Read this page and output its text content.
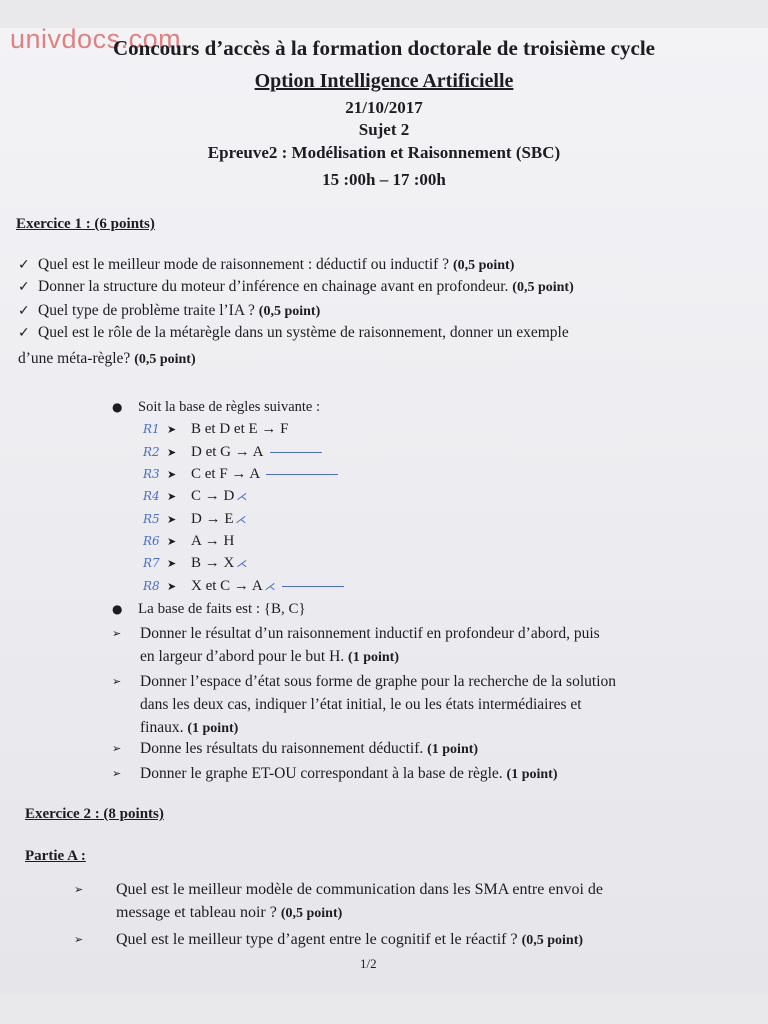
univdocs.com
Concours d’accès à la formation doctorale de troisième cycle
Option Intelligence Artificielle
21/10/2017
Sujet 2
Epreuve2 : Modélisation et Raisonnement (SBC)
15 :00h – 17 :00h
Exercice 1 : (6 points)
✓ Quel est le meilleur mode de raisonnement : déductif ou inductif ? (0,5 point)
✓ Donner la structure du moteur d’inférence en chainage avant en profondeur. (0,5 point)
✓ Quel type de problème traite l’IA ? (0,5 point)
✓ Quel est le rôle de la métarègle dans un système de raisonnement, donner un exemple
d’une méta-règle? (0,5 point)
● Soit la base de règles suivante :
R1 ➤ B et D et E → F
R2 ➤ D et G → A
R3 ➤ C et F → A
R4 ➤ C → D ⋌
R5 ➤ D → E ⋌
R6 ➤ A → H
R7 ➤ B → X ⋌
R8 ➤ X et C → A ⋌
● La base de faits est : {B, C}
➢	Donner le résultat d’un raisonnement inductif en profondeur d’abord, puis
en largeur d’abord pour le but H. (1 point)
➢	Donner l’espace d’état sous forme de graphe pour la recherche de la solution
dans les deux cas, indiquer l’état initial, le ou les états intermédiaires et
finaux. (1 point)
➢	Donne les résultats du raisonnement déductif. (1 point)
➢	Donner le graphe ET-OU correspondant à la base de règle. (1 point)
Exercice 2 : (8 points)
Partie A :
➢	Quel est le meilleur modèle de communication dans les SMA entre envoi de
message et tableau noir ? (0,5 point)
➢	Quel est le meilleur type d’agent entre le cognitif et le réactif ? (0,5 point)
1/2
